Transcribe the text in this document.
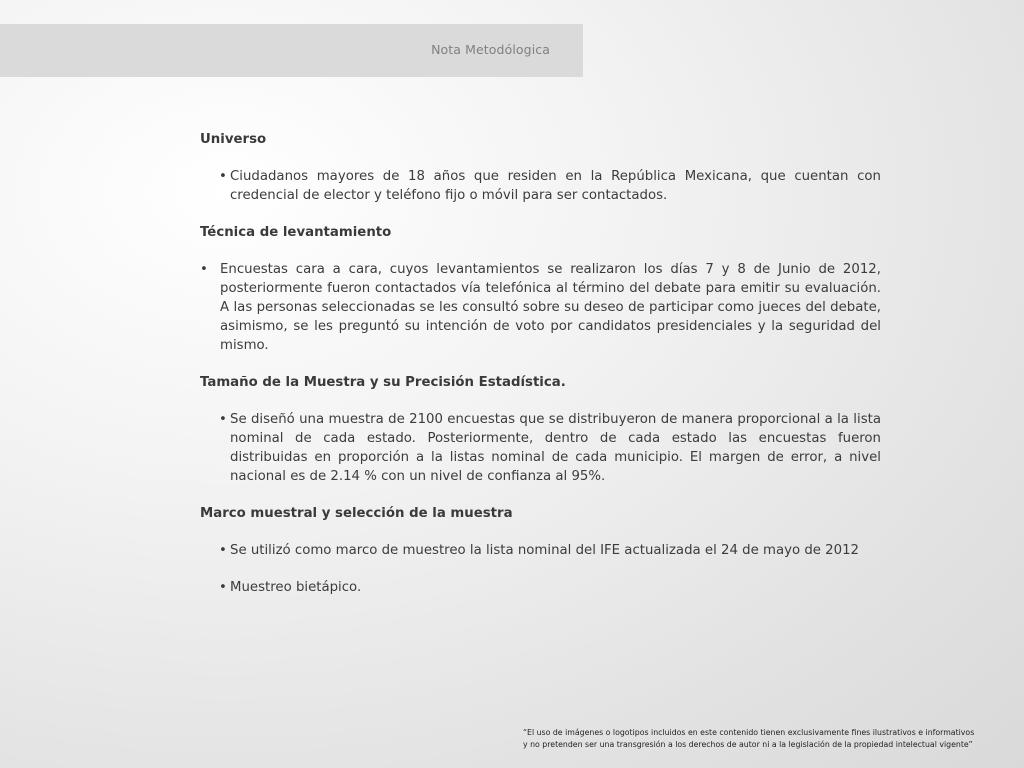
Nota Metodólogica

Universo

• Ciudadanos mayores de 18 años que residen en la República Mexicana, que cuentan con credencial de elector y teléfono fijo o móvil para ser contactados.

Técnica de levantamiento

• Encuestas cara a cara, cuyos levantamientos se realizaron los días 7 y 8 de Junio de 2012, posteriormente fueron contactados vía telefónica al término del debate para emitir su evaluación. A las personas seleccionadas se les consultó sobre su deseo de participar como jueces del debate, asimismo, se les preguntó su intención de voto por candidatos presidenciales y la seguridad del mismo.

Tamaño de la Muestra y su Precisión Estadística.

• Se diseñó una muestra de 2100 encuestas que se distribuyeron de manera proporcional a la lista nominal de cada estado. Posteriormente, dentro de cada estado las encuestas fueron distribuidas en proporción a la listas nominal de cada municipio. El margen de error, a nivel nacional es de 2.14 % con un nivel de confianza al 95%.

Marco muestral y selección de la muestra

• Se utilizó como marco de muestreo la lista nominal del IFE actualizada el 24 de mayo de 2012

• Muestreo bietápico.

“El uso de imágenes o logotipos incluidos en este contenido tienen exclusivamente fines ilustrativos e informativos
y no pretenden ser una transgresión a los derechos de autor ni a la legislación de la propiedad intelectual vigente”
